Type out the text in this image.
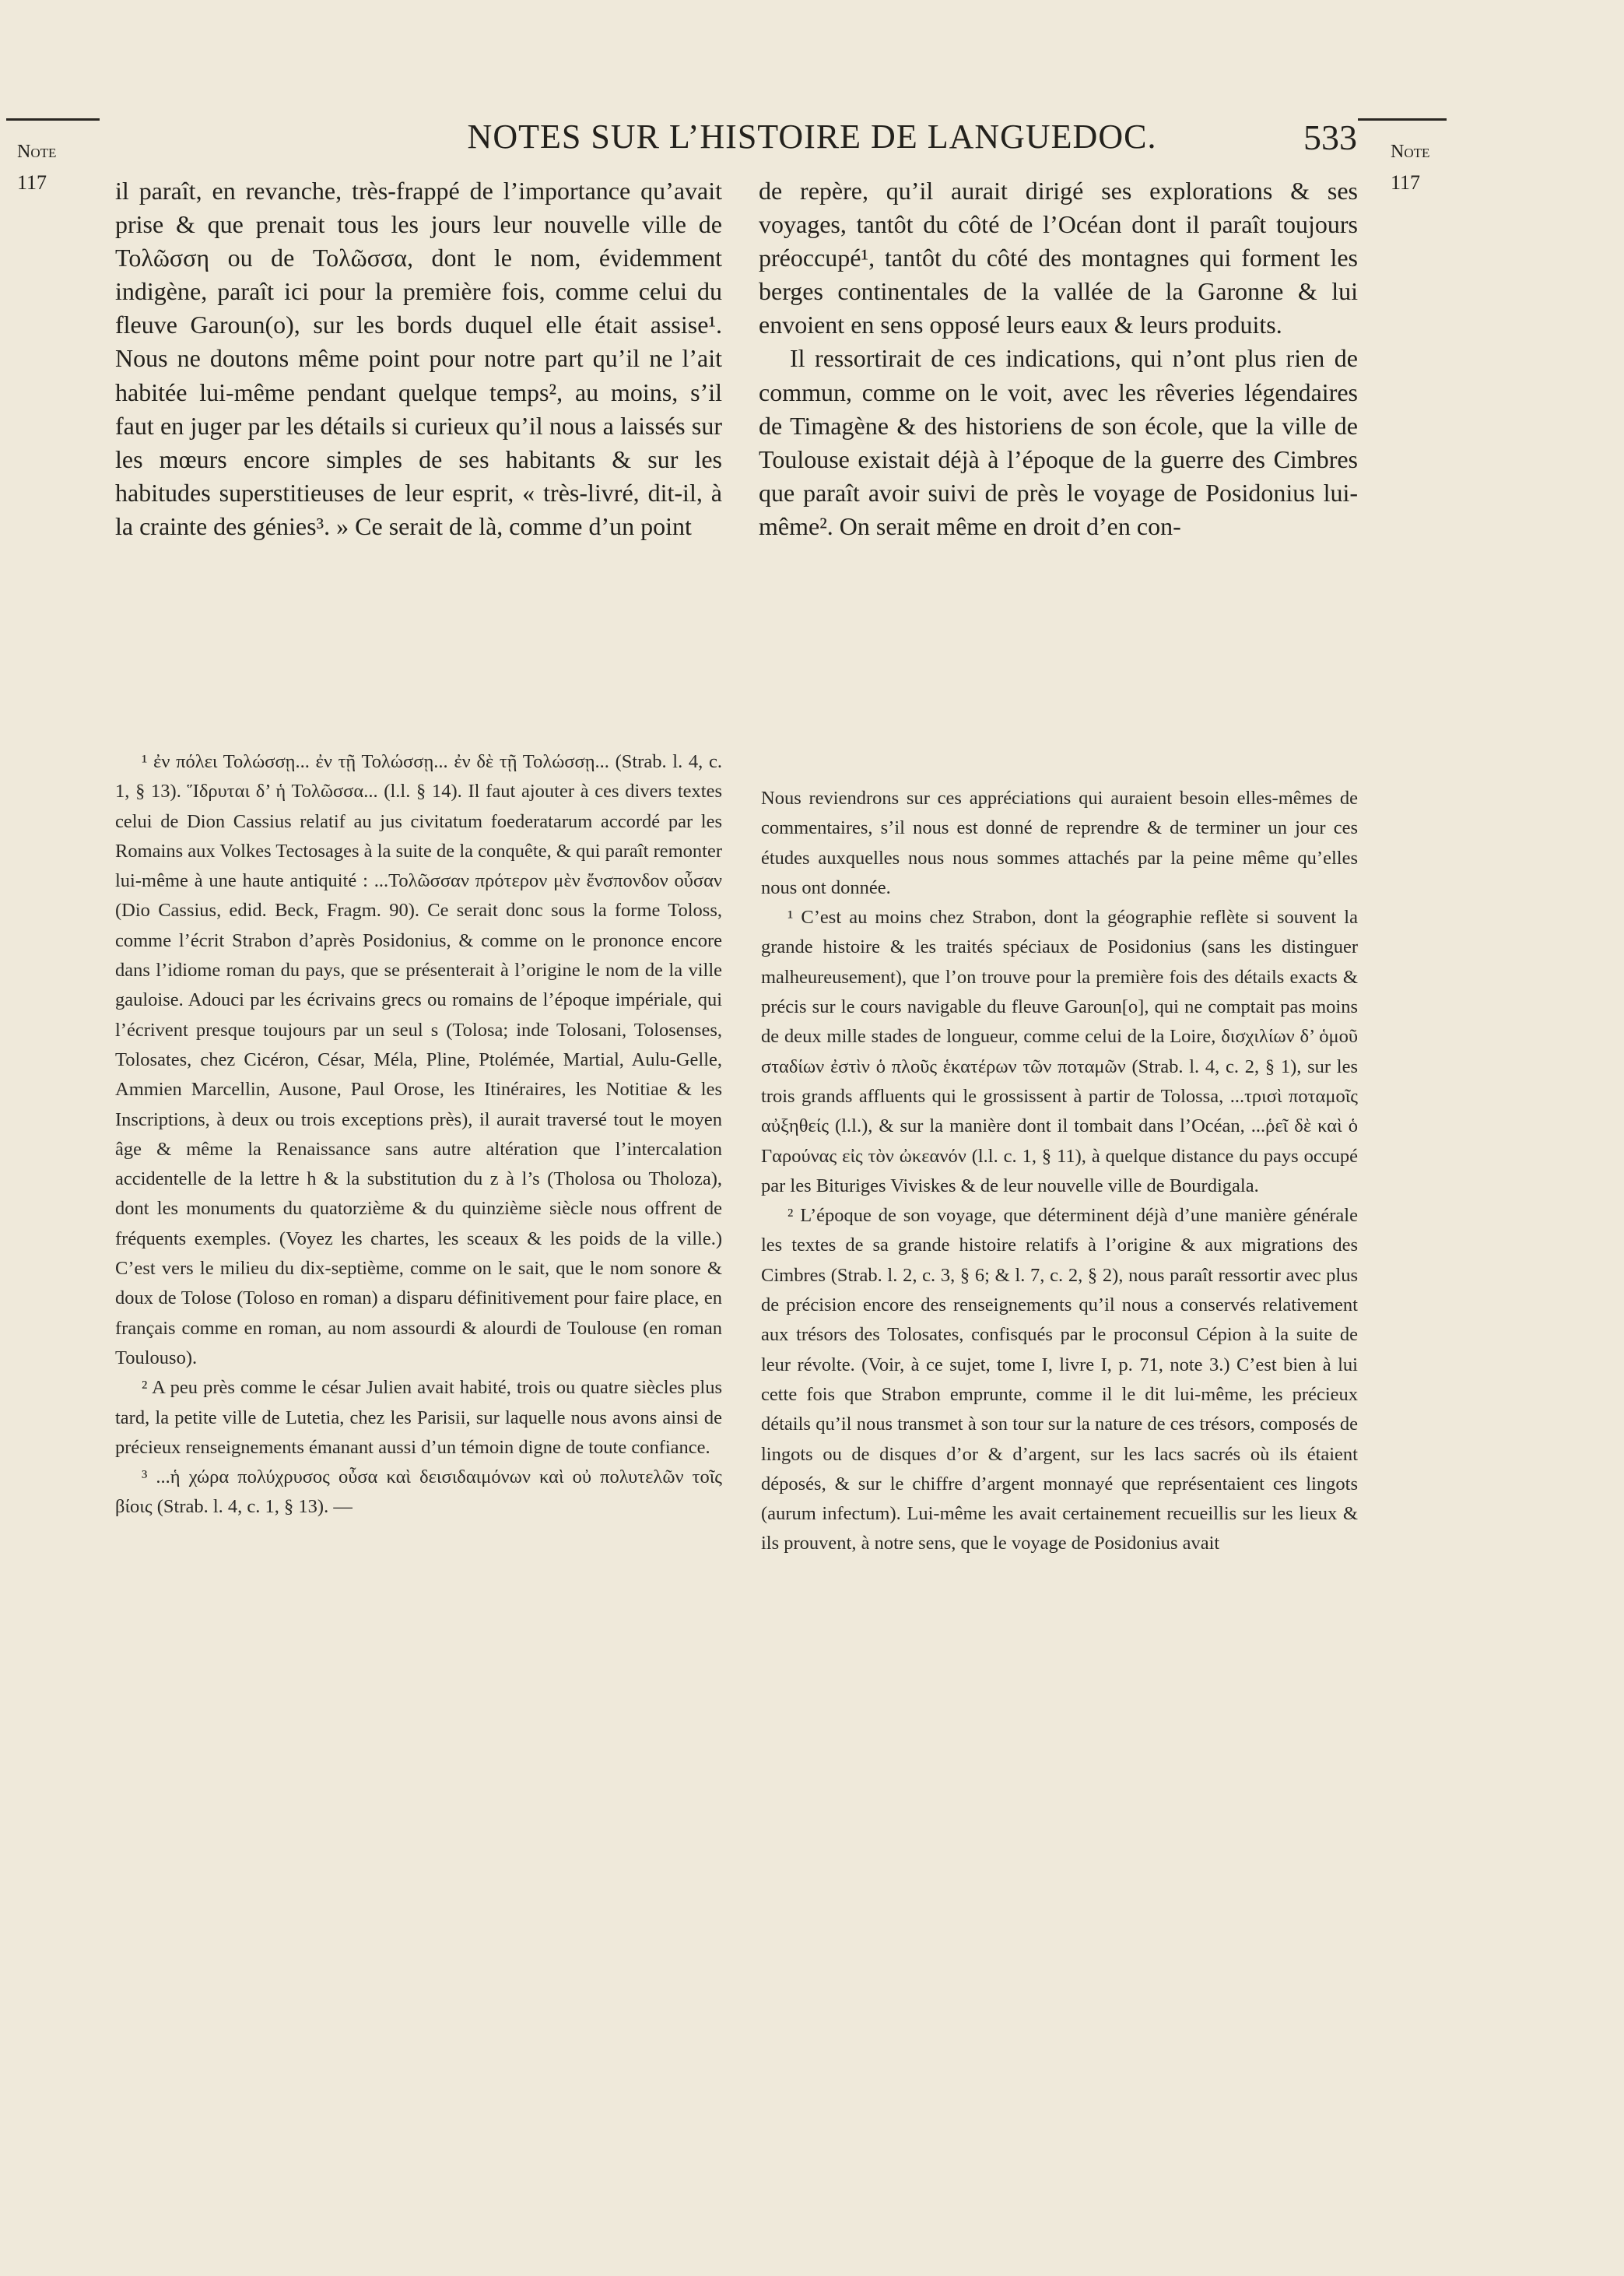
NOTES SUR L’HISTOIRE DE LANGUEDOC.	533
Note
117
Note
117

il paraît, en revanche, très-frappé de l’importance qu’avait prise & que prenait tous les jours leur nouvelle ville de Τολῶσση ou de Τολῶσσα, dont le nom, évidemment indigène, paraît ici pour la première fois, comme celui du fleuve Garoun(o), sur les bords duquel elle était assise¹. Nous ne doutons même point pour notre part qu’il ne l’ait habitée lui-même pendant quelque temps², au moins, s’il faut en juger par les détails si curieux qu’il nous a laissés sur les mœurs encore simples de ses habitants & sur les habitudes superstitieuses de leur esprit, « très-livré, dit-il, à la crainte des génies³. » Ce serait de là, comme d’un point

de repère, qu’il aurait dirigé ses explorations & ses voyages, tantôt du côté de l’Océan dont il paraît toujours préoccupé¹, tantôt du côté des montagnes qui forment les berges continentales de la vallée de la Garonne & lui envoient en sens opposé leurs eaux & leurs produits.

Il ressortirait de ces indications, qui n’ont plus rien de commun, comme on le voit, avec les rêveries légendaires de Timagène & des historiens de son école, que la ville de Toulouse existait déjà à l’époque de la guerre des Cimbres que paraît avoir suivi de près le voyage de Posidonius lui-même². On serait même en droit d’en con-

¹ ἐν πόλει Τολώσσῃ... ἐν τῇ Τολώσσῃ... ἐν δὲ τῇ Τολώσσῃ... (Strab. l. 4, c. 1, § 13). Ἵδρυται δ’ ἡ Τολῶσσα... (l.l. § 14). Il faut ajouter à ces divers textes celui de Dion Cassius relatif au jus civitatum foederatarum accordé par les Romains aux Volkes Tectosages à la suite de la conquête, & qui paraît remonter lui-même à une haute antiquité : ...Τολῶσσαν πρότερον μὲν ἔνσπονδον οὖσαν (Dio Cassius, edid. Beck, Fragm. 90). Ce serait donc sous la forme Toloss, comme l’écrit Strabon d’après Posidonius, & comme on le prononce encore dans l’idiome roman du pays, que se présenterait à l’origine le nom de la ville gauloise. Adouci par les écrivains grecs ou romains de l’époque impériale, qui l’écrivent presque toujours par un seul s (Tolosa; inde Tolosani, Tolosenses, Tolosates, chez Cicéron, César, Méla, Pline, Ptolémée, Martial, Aulu-Gelle, Ammien Marcellin, Ausone, Paul Orose, les Itinéraires, les Notitiae & les Inscriptions, à deux ou trois exceptions près), il aurait traversé tout le moyen âge & même la Renaissance sans autre altération que l’intercalation accidentelle de la lettre h & la substitution du z à l’s (Tholosa ou Tholoza), dont les monuments du quatorzième & du quinzième siècle nous offrent de fréquents exemples. (Voyez les chartes, les sceaux & les poids de la ville.) C’est vers le milieu du dix-septième, comme on le sait, que le nom sonore & doux de Tolose (Toloso en roman) a disparu définitivement pour faire place, en français comme en roman, au nom assourdi & alourdi de Toulouse (en roman Toulouso).

² A peu près comme le césar Julien avait habité, trois ou quatre siècles plus tard, la petite ville de Lutetia, chez les Parisii, sur laquelle nous avons ainsi de précieux renseignements émanant aussi d’un témoin digne de toute confiance.

³ ...ἡ χώρα πολύχρυσος οὖσα καὶ δεισιδαιμόνων καὶ οὐ πολυτελῶν τοῖς βίοις (Strab. l. 4, c. 1, § 13). —

Nous reviendrons sur ces appréciations qui auraient besoin elles-mêmes de commentaires, s’il nous est donné de reprendre & de terminer un jour ces études auxquelles nous nous sommes attachés par la peine même qu’elles nous ont donnée.

¹ C’est au moins chez Strabon, dont la géographie reflète si souvent la grande histoire & les traités spéciaux de Posidonius (sans les distinguer malheureusement), que l’on trouve pour la première fois des détails exacts & précis sur le cours navigable du fleuve Garoun[o], qui ne comptait pas moins de deux mille stades de longueur, comme celui de la Loire, δισχιλίων δ’ ὁμοῦ σταδίων ἐστὶν ὁ πλοῦς ἑκατέρων τῶν ποταμῶν (Strab. l. 4, c. 2, § 1), sur les trois grands affluents qui le grossissent à partir de Tolossa, ...τρισὶ ποταμοῖς αὐξηθείς (l.l.), & sur la manière dont il tombait dans l’Océan, ...ῥεῖ δὲ καὶ ὁ Γαρούνας εἰς τὸν ὠκεανόν (l.l. c. 1, § 11), à quelque distance du pays occupé par les Bituriges Viviskes & de leur nouvelle ville de Bourdigala.

² L’époque de son voyage, que déterminent déjà d’une manière générale les textes de sa grande histoire relatifs à l’origine & aux migrations des Cimbres (Strab. l. 2, c. 3, § 6; & l. 7, c. 2, § 2), nous paraît ressortir avec plus de précision encore des renseignements qu’il nous a conservés relativement aux trésors des Tolosates, confisqués par le proconsul Cépion à la suite de leur révolte. (Voir, à ce sujet, tome I, livre I, p. 71, note 3.) C’est bien à lui cette fois que Strabon emprunte, comme il le dit lui-même, les précieux détails qu’il nous transmet à son tour sur la nature de ces trésors, composés de lingots ou de disques d’or & d’argent, sur les lacs sacrés où ils étaient déposés, & sur le chiffre d’argent monnayé que représentaient ces lingots (aurum infectum). Lui-même les avait certainement recueillis sur les lieux & ils prouvent, à notre sens, que le voyage de Posidonius avait
